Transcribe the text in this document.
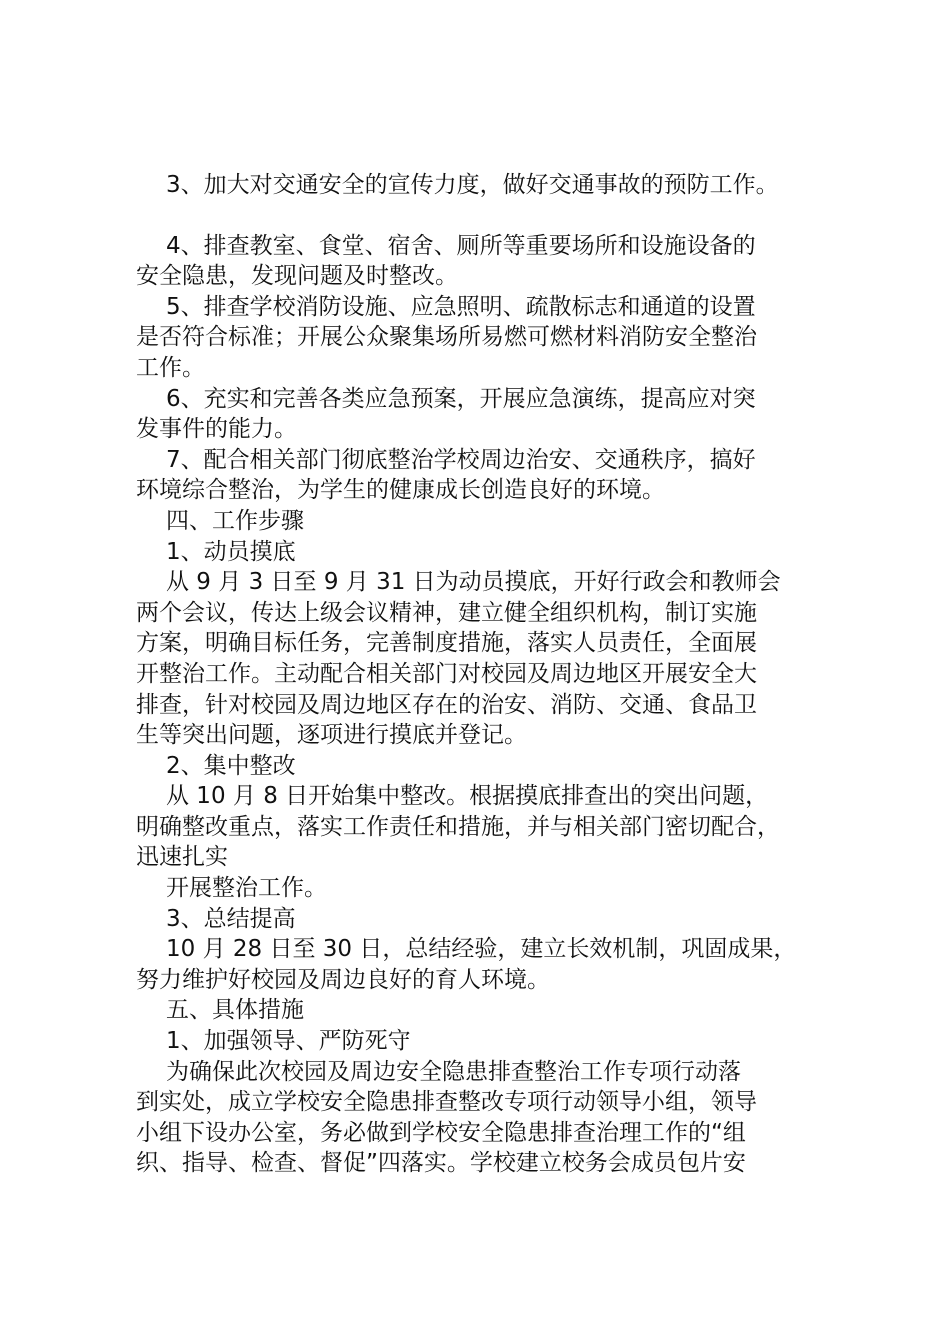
3、加大对交通安全的宣传力度，做好交通事故的预防工作。

4、排查教室、食堂、宿舍、厕所等重要场所和设施设备的

安全隐患，发现问题及时整改。

5、排查学校消防设施、应急照明、疏散标志和通道的设置

是否符合标准；开展公众聚集场所易燃可燃材料消防安全整治

工作。

6、充实和完善各类应急预案，开展应急演练，提高应对突

发事件的能力。

7、配合相关部门彻底整治学校周边治安、交通秩序，搞好

环境综合整治，为学生的健康成长创造良好的环境。

四、工作步骤

1、动员摸底

从 9 月 3 日至 9 月 31 日为动员摸底，开好行政会和教师会

两个会议，传达上级会议精神，建立健全组织机构，制订实施

方案，明确目标任务，完善制度措施，落实人员责任，全面展

开整治工作。主动配合相关部门对校园及周边地区开展安全大

排查，针对校园及周边地区存在的治安、消防、交通、食品卫

生等突出问题，逐项进行摸底并登记。

2、集中整改

从 10 月 8 日开始集中整改。根据摸底排查出的突出问题，

明确整改重点，落实工作责任和措施，并与相关部门密切配合，

迅速扎实

开展整治工作。

3、总结提高

10 月 28 日至 30 日，总结经验，建立长效机制，巩固成果，

努力维护好校园及周边良好的育人环境。

五、具体措施

1、加强领导、严防死守

为确保此次校园及周边安全隐患排查整治工作专项行动落

到实处，成立学校安全隐患排查整改专项行动领导小组，领导

小组下设办公室，务必做到学校安全隐患排查治理工作的“组

织、指导、检查、督促”四落实。学校建立校务会成员包片安
